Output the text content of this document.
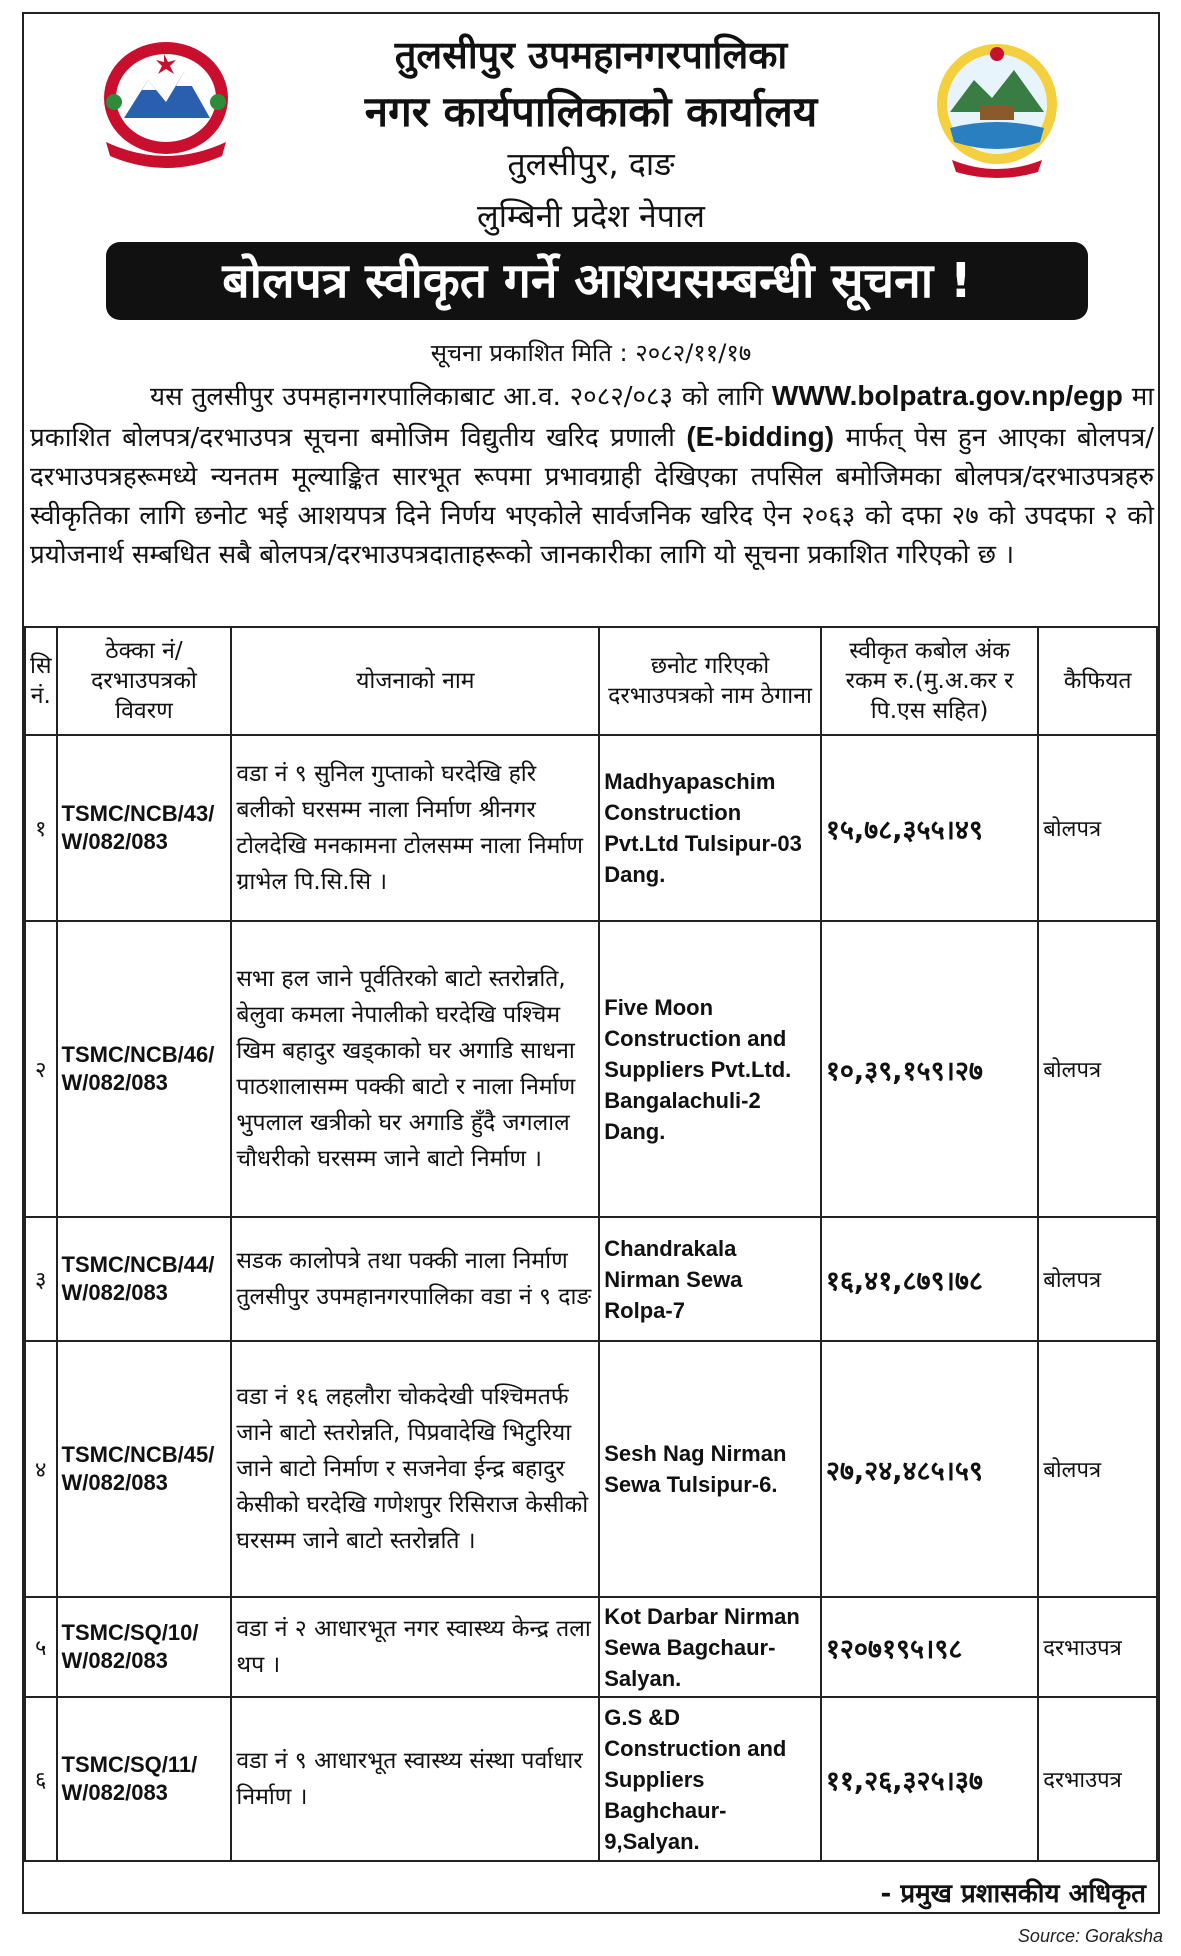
तुलसीपुर उपमहानगरपालिका
नगर कार्यपालिकाको कार्यालय
तुलसीपुर, दाङ
लुम्बिनी प्रदेश नेपाल
बोलपत्र स्वीकृत गर्ने आशयसम्बन्धी सूचना !
सूचना प्रकाशित मिति : २०८२/११/१७

यस तुलसीपुर उपमहानगरपालिकाबाट आ.व. २०८२/०८३ को लागि WWW.bolpatra.gov.np/egp मा प्रकाशित बोलपत्र/दरभाउपत्र सूचना बमोजिम विद्युतीय खरिद प्रणाली (E-bidding) मार्फत् पेस हुन आएका बोलपत्र/दरभाउपत्रहरूमध्ये न्यनतम मूल्याङ्कित सारभूत रूपमा प्रभावग्राही देखिएका तपसिल बमोजिमका बोलपत्र/दरभाउपत्रहरु स्वीकृतिका लागि छनोट भई आशयपत्र दिने निर्णय भएकोले सार्वजनिक खरिद ऐन २०६३ को दफा २७ को उपदफा २ को प्रयोजनार्थ सम्बधित सबै बोलपत्र/दरभाउपत्रदाताहरूको जानकारीका लागि यो सूचना प्रकाशित गरिएको छ ।

सि नं.	ठेक्का नं/दरभाउपत्रको विवरण	योजनाको नाम	छनोट गरिएको दरभाउपत्रको नाम ठेगाना	स्वीकृत कबोल अंक रकम रु.(मु.अ.कर र पि.एस सहित)	कैफियत
१	TSMC/NCB/43/ W/082/083	वडा नं ९ सुनिल गुप्ताको घरदेखि हरि बलीको घरसम्म नाला निर्माण श्रीनगर टोलदेखि मनकामना टोलसम्म नाला निर्माण ग्राभेल पि.सि.सि ।	Madhyapaschim Construction Pvt.Ltd Tulsipur-03 Dang.	१५,७८,३५५।४९	बोलपत्र
२	TSMC/NCB/46/ W/082/083	सभा हल जाने पूर्वतिरको बाटो स्तरोन्नति, बेलुवा कमला नेपालीको घरदेखि पश्चिम खिम बहादुर खड्काको घर अगाडि साधना पाठशालासम्म पक्की बाटो र नाला निर्माण भुपलाल खत्रीको घर अगाडि हुँदै जगलाल चौधरीको घरसम्म जाने बाटो निर्माण ।	Five Moon Construction and Suppliers Pvt.Ltd. Bangalachuli-2 Dang.	१०,३९,१५९।२७	बोलपत्र
३	TSMC/NCB/44/ W/082/083	सडक कालोपत्रे तथा पक्की नाला निर्माण तुलसीपुर उपमहानगरपालिका वडा नं ९ दाङ	Chandrakala Nirman Sewa Rolpa-7	१६,४१,८७९।७८	बोलपत्र
४	TSMC/NCB/45/ W/082/083	वडा नं १६ लहलौरा चोकदेखी पश्चिमतर्फ जाने बाटो स्तरोन्नति, पिप्रवादेखि भिटुरिया जाने बाटो निर्माण र सजनेवा ईन्द्र बहादुर केसीको घरदेखि गणेशपुर रिसिराज केसीको घरसम्म जाने बाटो स्तरोन्नति ।	Sesh Nag Nirman Sewa Tulsipur-6.	२७,२४,४८५।५९	बोलपत्र
५	TSMC/SQ/10/ W/082/083	वडा नं २ आधारभूत नगर स्वास्थ्य केन्द्र तला थप ।	Kot Darbar Nirman Sewa Bagchaur-Salyan.	१२०७१९५।९८	दरभाउपत्र
६	TSMC/SQ/11/ W/082/083	वडा नं ९ आधारभूत स्वास्थ्य संस्था पर्वाधार निर्माण ।	G.S &D Construction and Suppliers Baghchaur-9,Salyan.	११,२६,३२५।३७	दरभाउपत्र
- प्रमुख प्रशासकीय अधिकृत
Source: Goraksha
